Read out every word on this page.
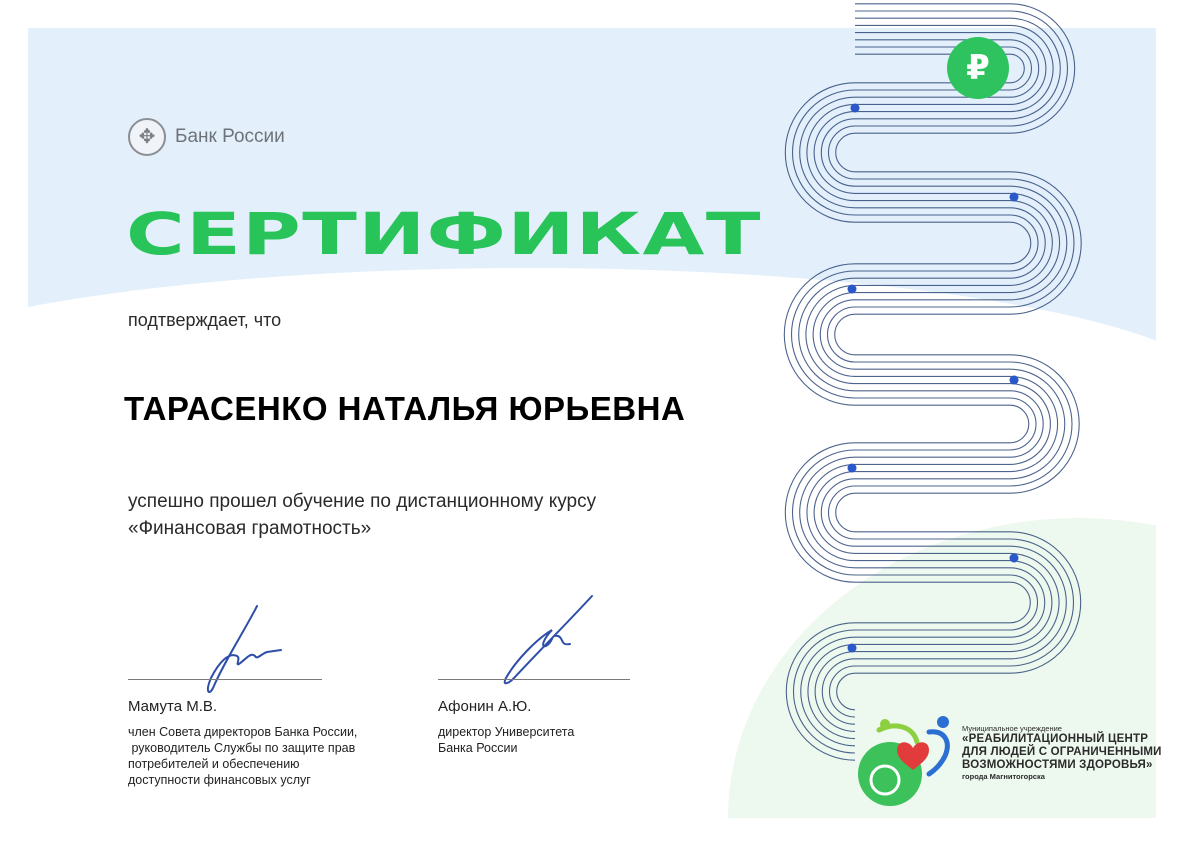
✥	Банк России
СЕРТИФИКАТ
подтверждает, что
ТАРАСЕНКО НАТАЛЬЯ ЮРЬЕВНА
успешно прошел обучение по дистанционному курсу
«Финансовая грамотность»
Мамута М.В.
член Совета директоров Банка России,
руководитель Службы по защите прав
потребителей и обеспечению
доступности финансовых услуг
Афонин А.Ю.
директор Университета
Банка России
₽
Муниципальное учреждение
«РЕАБИЛИТАЦИОННЫЙ ЦЕНТР
ДЛЯ ЛЮДЕЙ С ОГРАНИЧЕННЫМИ
ВОЗМОЖНОСТЯМИ ЗДОРОВЬЯ»
города Магнитогорска
